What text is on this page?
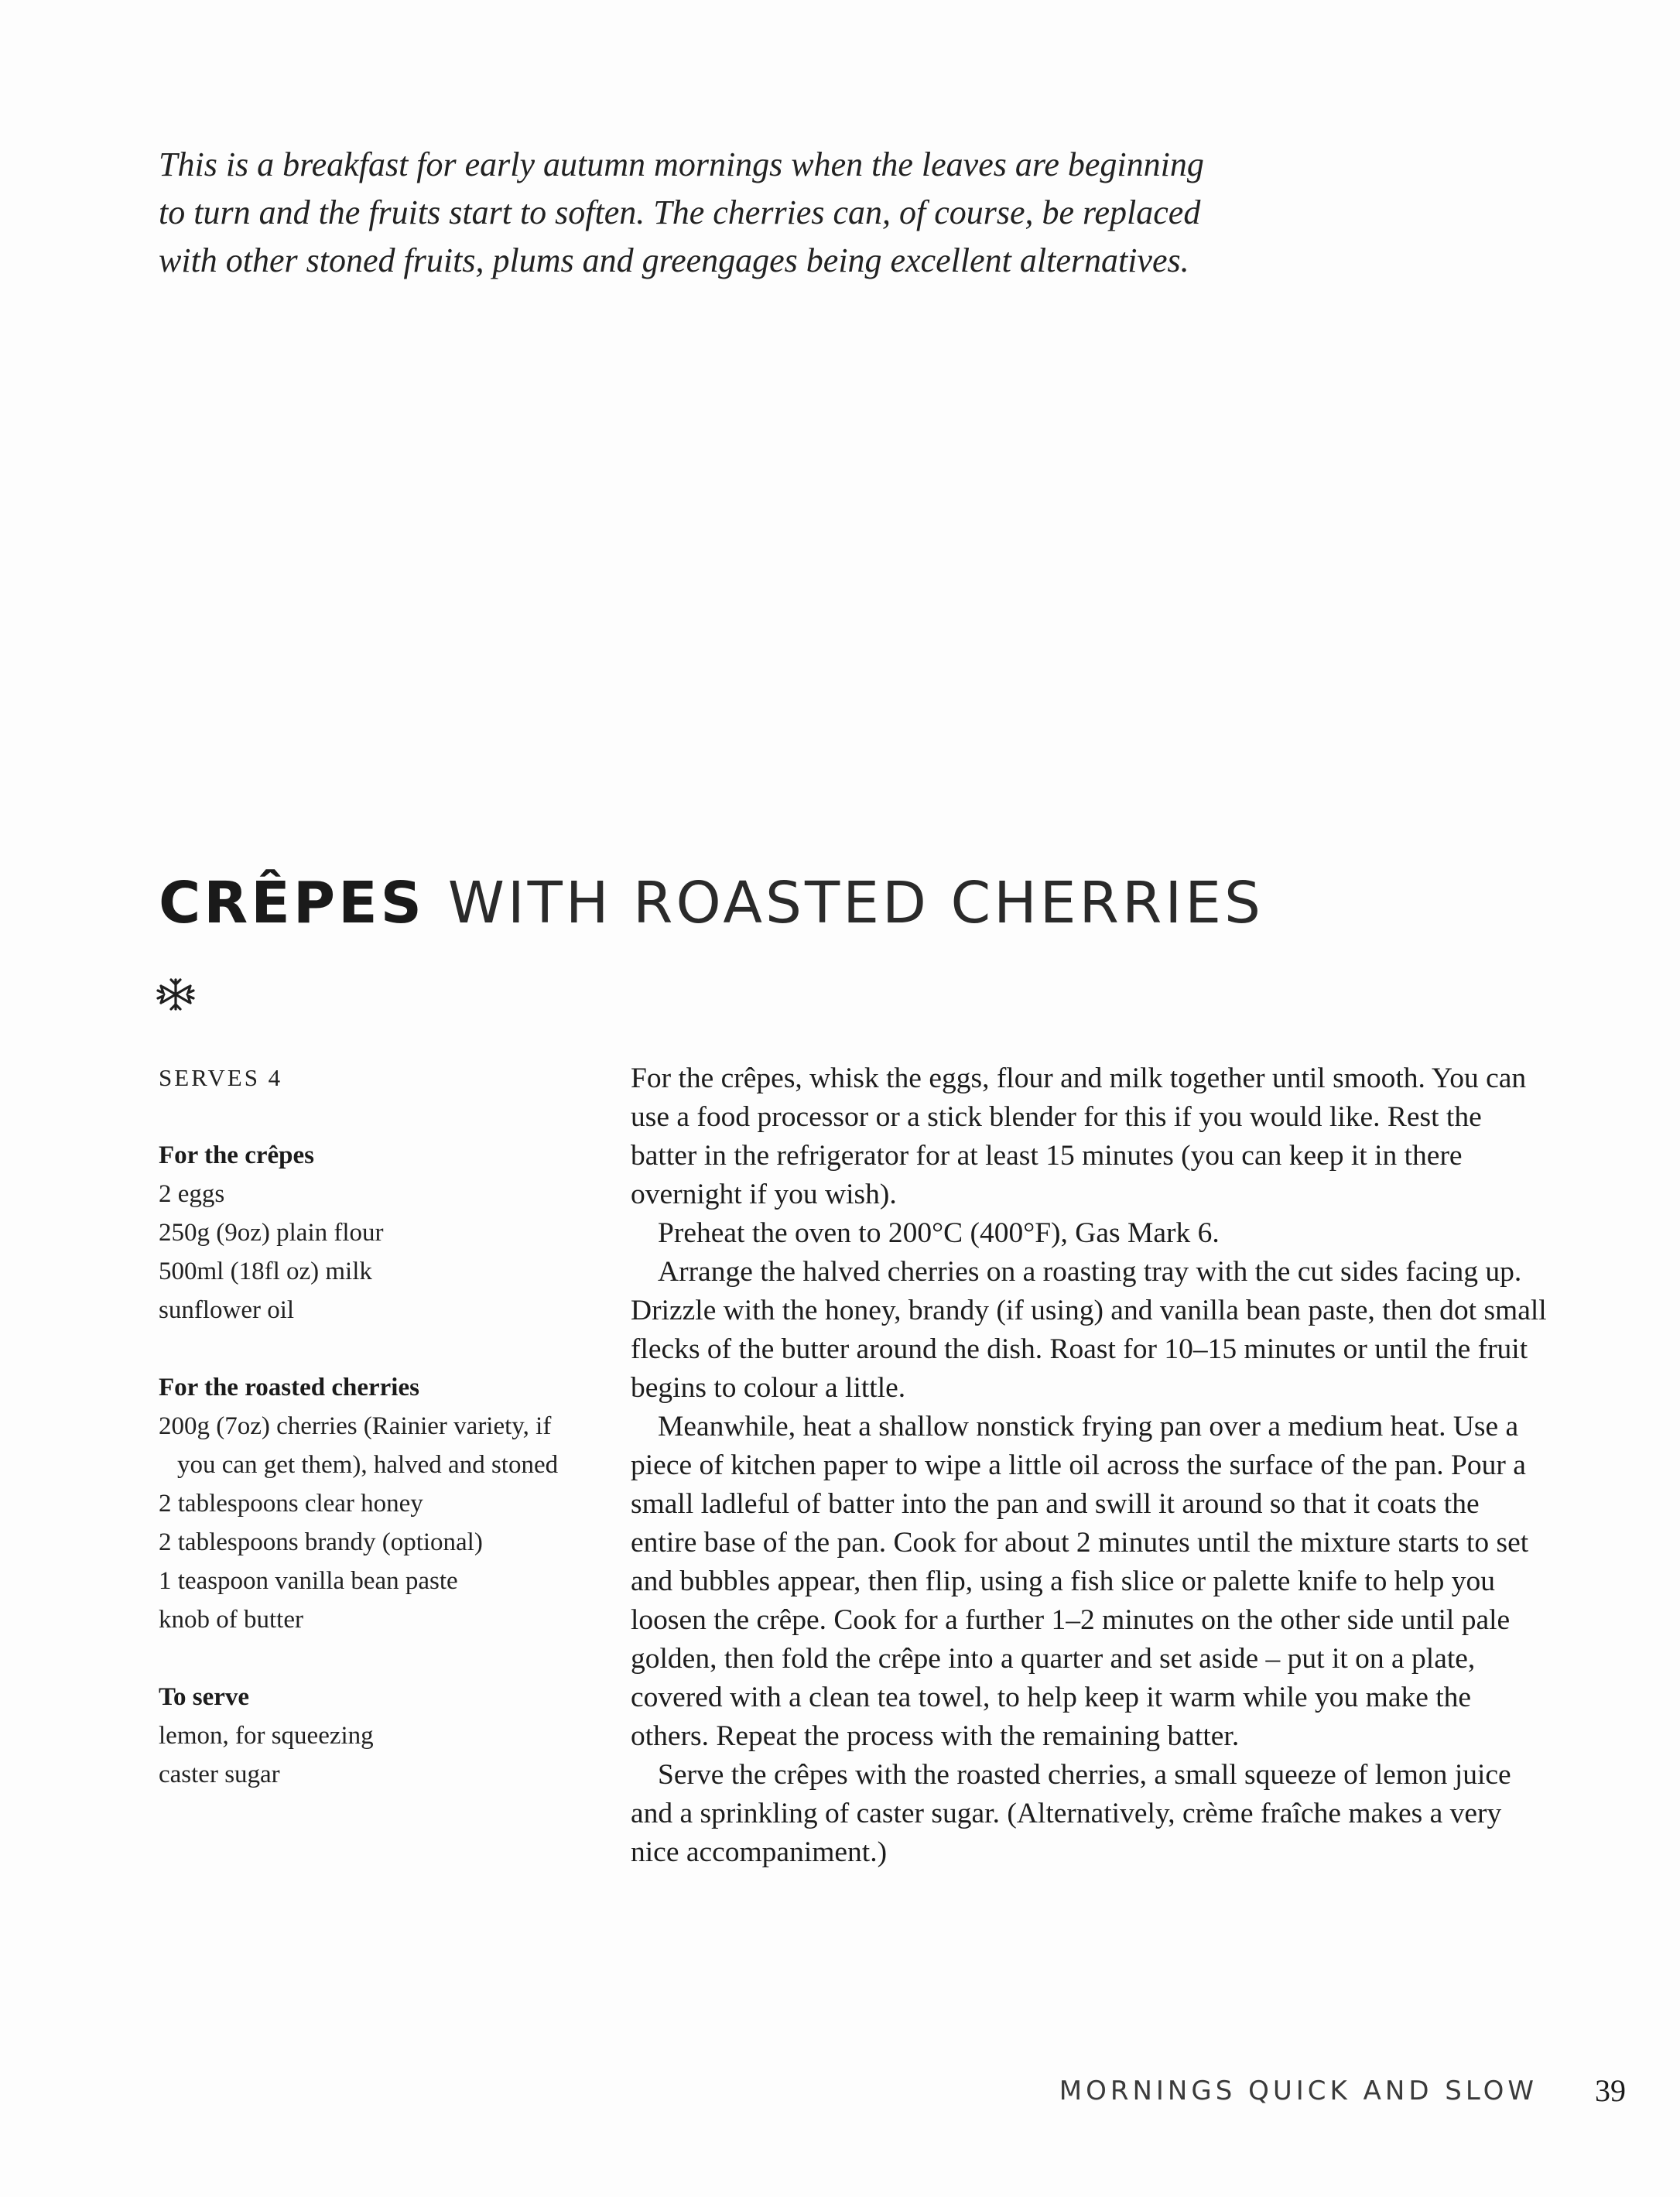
This is a breakfast for early autumn mornings when the leaves are beginning

to turn and the fruits start to soften. The cherries can, of course, be replaced

with other stoned fruits, plums and greengages being excellent alternatives.

CRÊPES WITH ROASTED CHERRIES
SERVES 4
For the crêpes
2 eggs
250g (9oz) plain flour
500ml (18fl oz) milk
sunflower oil
For the roasted cherries
200g (7oz) cherries (Rainier variety, if you can get them), halved and stoned
2 tablespoons clear honey
2 tablespoons brandy (optional)
1 teaspoon vanilla bean paste
knob of butter
To serve
lemon, for squeezing
caster sugar

For the crêpes, whisk the eggs, flour and milk together until smooth. You can use a food processor or a stick blender for this if you would like. Rest the batter in the refrigerator for at least 15 minutes (you can keep it in there overnight if you wish).

Preheat the oven to 200°C (400°F), Gas Mark 6.

Arrange the halved cherries on a roasting tray with the cut sides facing up. Drizzle with the honey, brandy (if using) and vanilla bean paste, then dot small flecks of the butter around the dish. Roast for 10–15 minutes or until the fruit begins to colour a little.

Meanwhile, heat a shallow nonstick frying pan over a medium heat. Use a piece of kitchen paper to wipe a little oil across the surface of the pan. Pour a small ladleful of batter into the pan and swill it around so that it coats the entire base of the pan. Cook for about 2 minutes until the mixture starts to set and bubbles appear, then flip, using a fish slice or palette knife to help you loosen the crêpe. Cook for a further 1–2 minutes on the other side until pale golden, then fold the crêpe into a quarter and set aside – put it on a plate, covered with a clean tea towel, to help keep it warm while you make the others. Repeat the process with the remaining batter.

Serve the crêpes with the roasted cherries, a small squeeze of lemon juice and a sprinkling of caster sugar. (Alternatively, crème fraîche makes a very nice accompaniment.)

MORNINGS QUICK AND SLOW 39
